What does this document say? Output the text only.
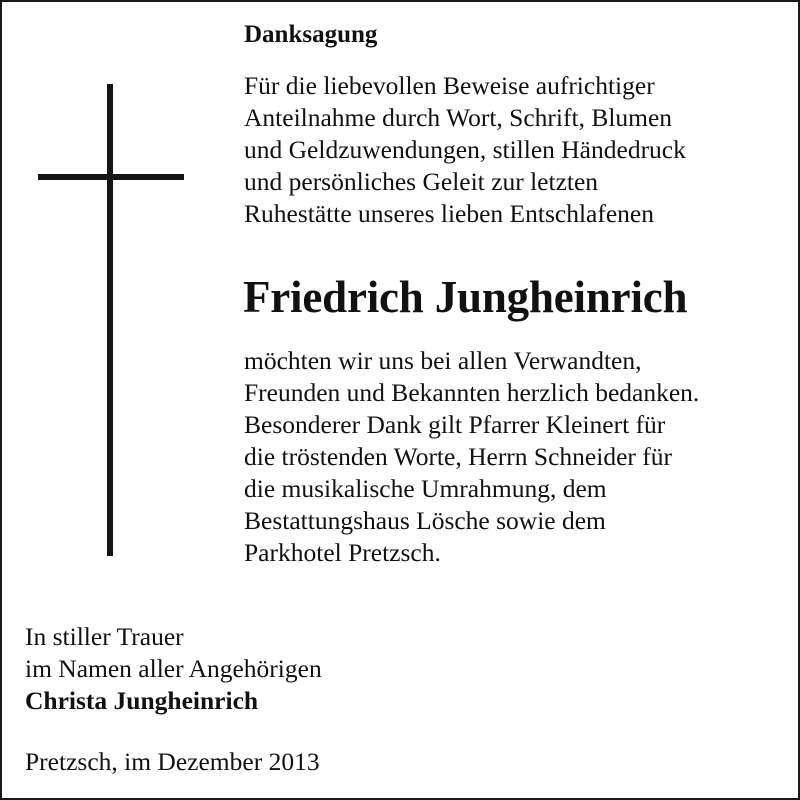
Danksagung
Für die liebevollen Beweise aufrichtiger
Anteilnahme durch Wort, Schrift, Blumen
und Geldzuwendungen, stillen Händedruck
und persönliches Geleit zur letzten
Ruhestätte unseres lieben Entschlafenen
Friedrich Jungheinrich
möchten wir uns bei allen Verwandten,
Freunden und Bekannten herzlich bedanken.
Besonderer Dank gilt Pfarrer Kleinert für
die tröstenden Worte, Herrn Schneider für
die musikalische Umrahmung, dem
Bestattungshaus Lösche sowie dem
Parkhotel Pretzsch.
In stiller Trauer
im Namen aller Angehörigen
Christa Jungheinrich
Pretzsch, im Dezember 2013
